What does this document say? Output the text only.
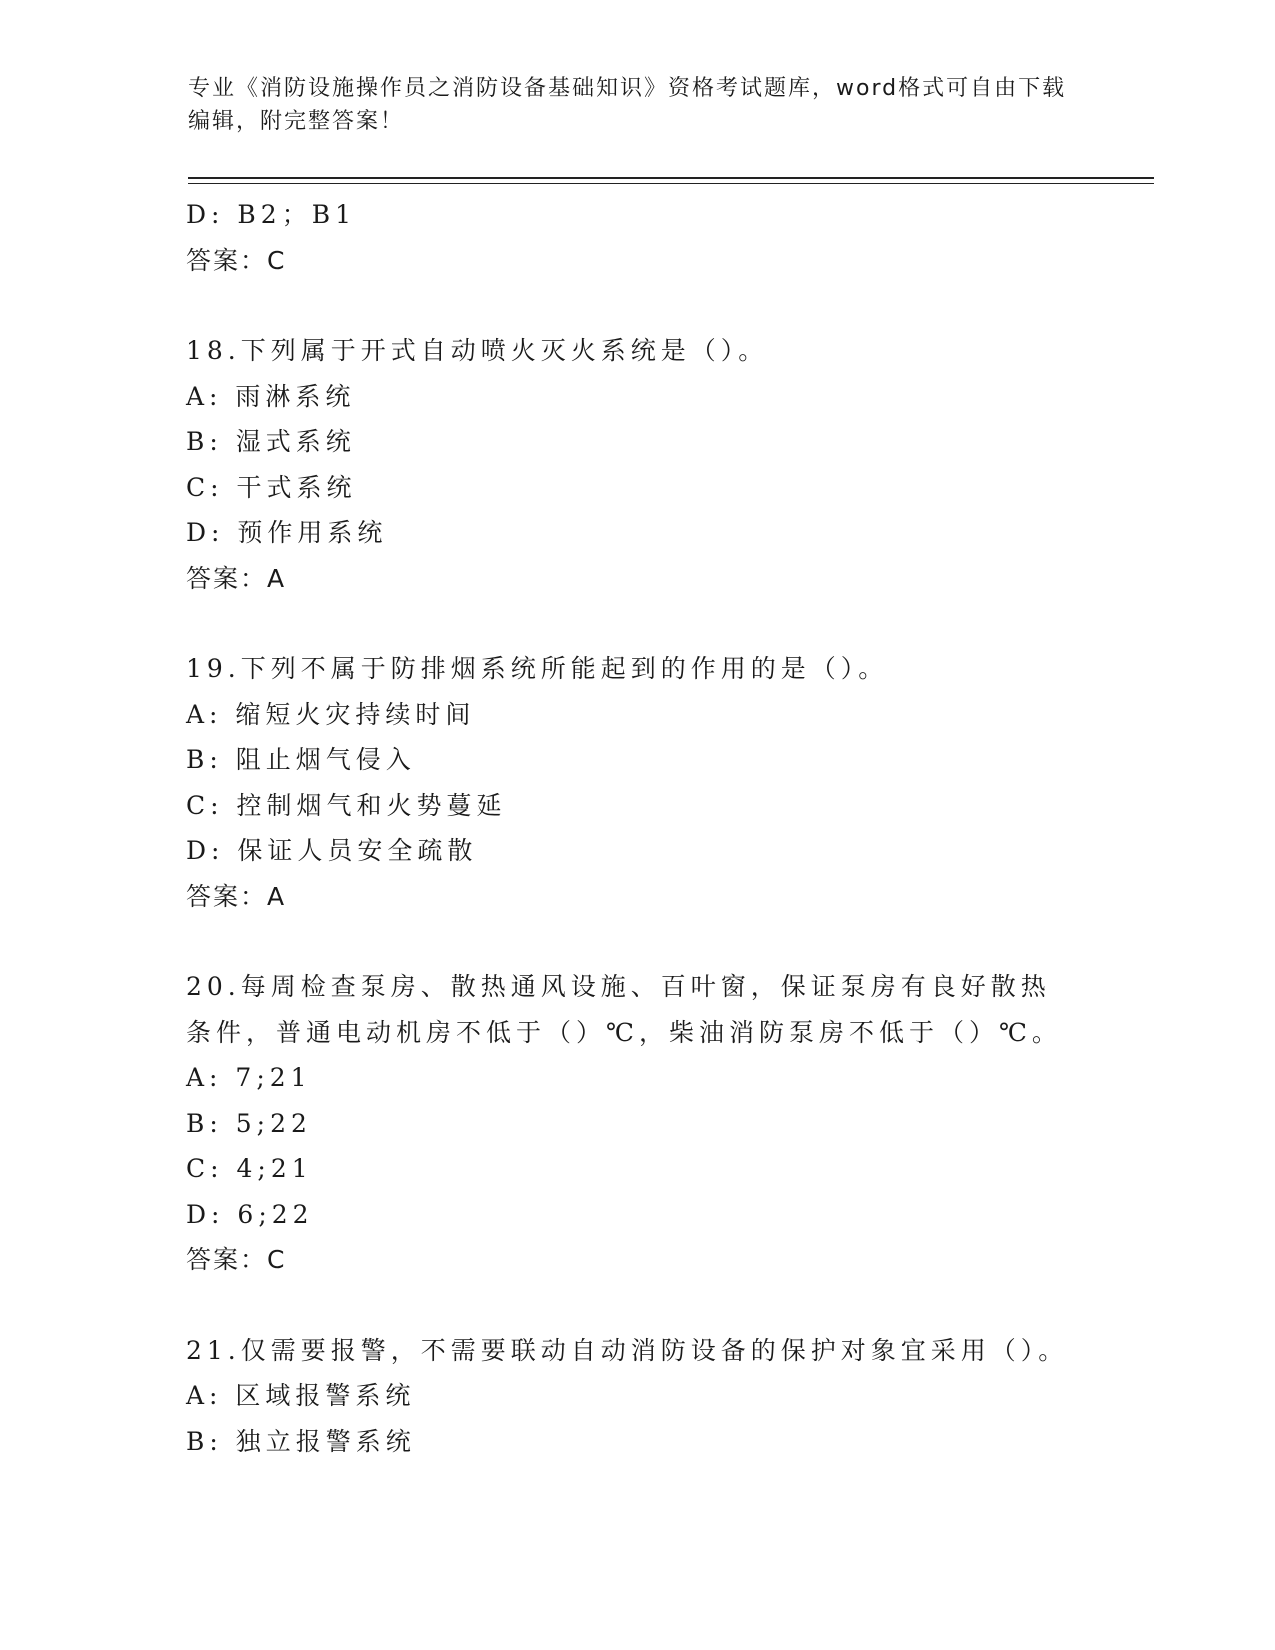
专业《消防设施操作员之消防设备基础知识》资格考试题库，word格式可自由下载编辑，附完整答案！
D: B2；B1
答案：C
18.下列属于开式自动喷火灭火系统是（）。
A: 雨淋系统
B: 湿式系统
C: 干式系统
D: 预作用系统
答案：A
19.下列不属于防排烟系统所能起到的作用的是（）。
A: 缩短火灾持续时间
B: 阻止烟气侵入
C: 控制烟气和火势蔓延
D: 保证人员安全疏散
答案：A
20.每周检查泵房、散热通风设施、百叶窗，保证泵房有良好散热条件，普通电动机房不低于（）℃，柴油消防泵房不低于（）℃。
A: 7;21
B: 5;22
C: 4;21
D: 6;22
答案：C
21.仅需要报警，不需要联动自动消防设备的保护对象宜采用（）。
A: 区域报警系统
B: 独立报警系统
